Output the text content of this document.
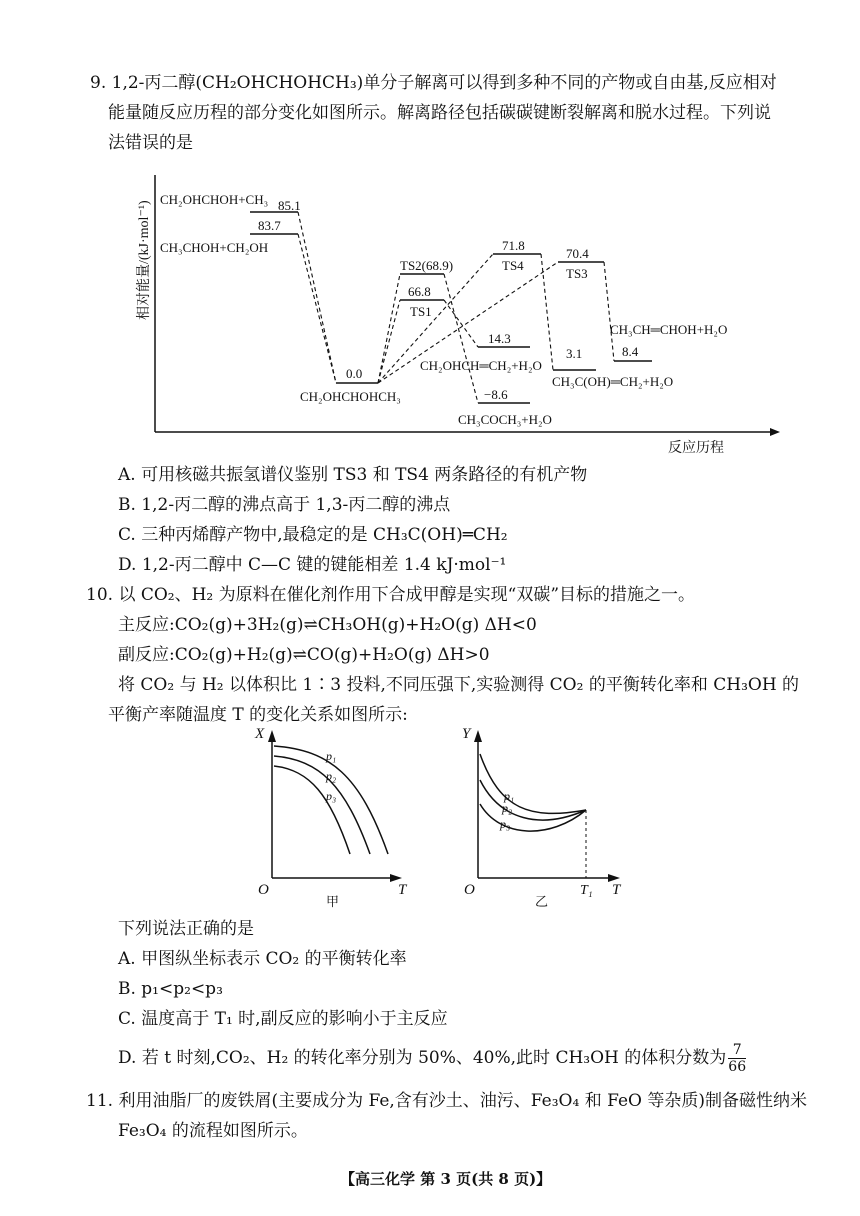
9. 1,2-丙二醇(CH₂OHCHOHCH₃)单分子解离可以得到多种不同的产物或自由基,反应相对
能量随反应历程的部分变化如图所示。解离路径包括碳碳键断裂解离和脱水过程。下列说
法错误的是
相对能量/(kJ·mol⁻¹)
反应历程
CH₂OHCHOH+CH₃ 85.1
83.7
CH₃CHOH+CH₂OH
0.0
CH₂OHCHOHCH₃
TS2(68.9)
66.8
TS1
71.8
TS4
70.4
TS3
14.3
CH₂OHCH═CH₂+H₂O
−8.6
CH₃COCH₃+H₂O
3.1
CH₃C(OH)═CH₂+H₂O
CH₃CH═CHOH+H₂O
8.4
A. 可用核磁共振氢谱仪鉴别 TS3 和 TS4 两条路径的有机产物
B. 1,2-丙二醇的沸点高于 1,3-丙二醇的沸点
C. 三种丙烯醇产物中,最稳定的是 CH₃C(OH)═CH₂
D. 1,2-丙二醇中 C—C 键的键能相差 1.4 kJ·mol⁻¹
10. 以 CO₂、H₂ 为原料在催化剂作用下合成甲醇是实现“双碳”目标的措施之一。
主反应:CO₂(g)+3H₂(g)⇌CH₃OH(g)+H₂O(g) ΔH<0
副反应:CO₂(g)+H₂(g)⇌CO(g)+H₂O(g) ΔH>0
将 CO₂ 与 H₂ 以体积比 1∶3 投料,不同压强下,实验测得 CO₂ 的平衡转化率和 CH₃OH 的
平衡产率随温度 T 的变化关系如图所示:
X
T
O
p₁
p₂
p₃
甲
Y
T
O
p₁
p₂
p₃
T₁
乙
下列说法正确的是
A. 甲图纵坐标表示 CO₂ 的平衡转化率
B. p₁<p₂<p₃
C. 温度高于 T₁ 时,副反应的影响小于主反应
D. 若 t 时刻,CO₂、H₂ 的转化率分别为 50%、40%,此时 CH₃OH 的体积分数为 $\frac{7}{66}$
11. 利用油脂厂的废铁屑(主要成分为 Fe,含有沙土、油污、Fe₃O₄ 和 FeO 等杂质)制备磁性纳米
Fe₃O₄ 的流程如图所示。
【高三化学 第 3 页(共 8 页)】
